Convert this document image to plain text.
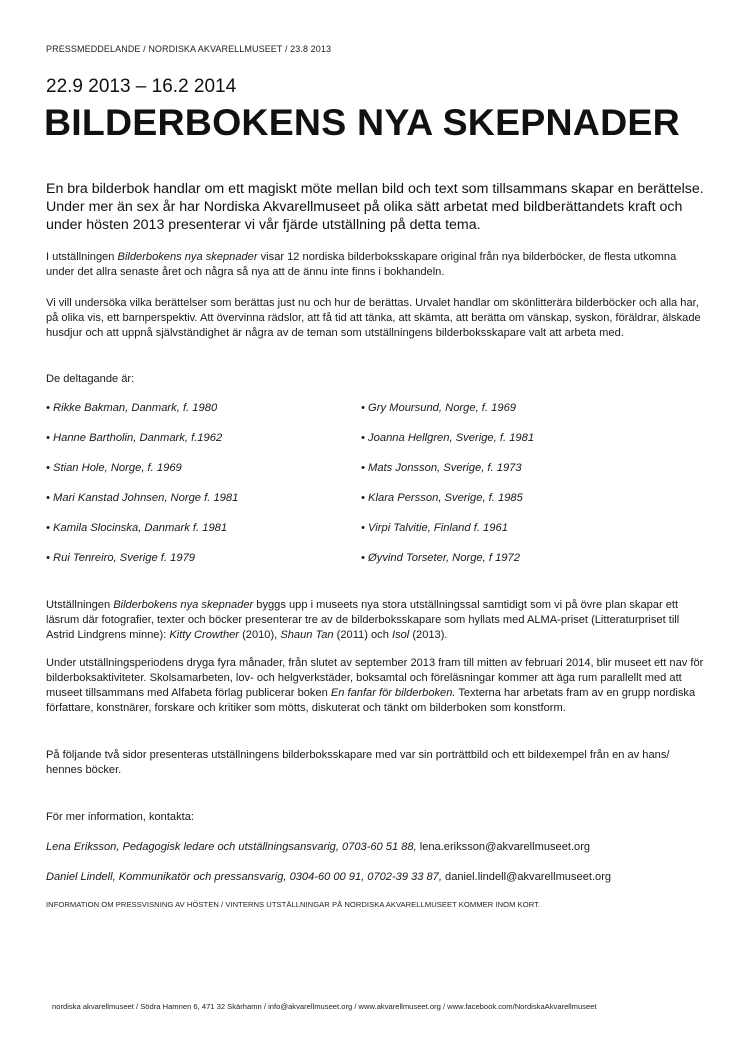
PRESSMEDDELANDE / NORDISKA AKVARELLMUSEET / 23.8 2013
22.9 2013 – 16.2 2014
BILDERBOKENS NYA SKEPNADER
En bra bilderbok handlar om ett magiskt möte mellan bild och text som tillsammans skapar en berättelse. Under mer än sex år har Nordiska Akvarellmuseet på olika sätt arbetat med bildberättandets kraft och under hösten 2013 presenterar vi vår fjärde utställning på detta tema.
I utställningen Bilderbokens nya skepnader visar 12 nordiska bilderboksskapare original från nya bilderböcker, de flesta utkomna under det allra senaste året och några så nya att de ännu inte finns i bokhandeln.
Vi vill undersöka vilka berättelser som berättas just nu och hur de berättas. Urvalet handlar om skönlitterära bilderböcker och alla har, på olika vis, ett barnperspektiv. Att övervinna rädslor, att få tid att tänka, att skämta, att berätta om vänskap, syskon, föräldrar, älskade husdjur och att uppnå självständighet är några av de teman som utställningens bilderboksskapare valt att arbeta med.
De deltagande är:
• Rikke Bakman, Danmark, f. 1980
• Hanne Bartholin, Danmark, f.1962
• Stian Hole, Norge, f. 1969
• Mari Kanstad Johnsen, Norge f. 1981
• Kamila Slocinska, Danmark f. 1981
• Rui Tenreiro, Sverige f. 1979
• Gry Moursund, Norge, f. 1969
• Joanna Hellgren, Sverige, f. 1981
• Mats Jonsson, Sverige, f. 1973
• Klara Persson, Sverige, f. 1985
• Virpi Talvitie, Finland f. 1961
• Øyvind Torseter, Norge, f 1972
Utställningen Bilderbokens nya skepnader byggs upp i museets nya stora utställningssal samtidigt som vi på övre plan skapar ett läsrum där fotografier, texter och böcker presenterar tre av de bilderboksskapare som hyllats med ALMA-priset (Litteraturpriset till Astrid Lindgrens minne): Kitty Crowther (2010), Shaun Tan (2011) och Isol (2013).
Under utställningsperiodens dryga fyra månader, från slutet av september 2013 fram till mitten av februari 2014, blir museet ett nav för bilderboksaktiviteter. Skolsamarbeten, lov- och helgverkstäder, boksamtal och föreläsningar kommer att äga rum parallellt med att museet tillsammans med Alfabeta förlag publicerar boken En fanfar för bilderboken. Texterna har arbetats fram av en grupp nordiska författare, konstnärer, forskare och kritiker som mötts, diskuterat och tänkt om bilderboken som konstform.
På följande två sidor presenteras utställningens bilderboksskapare med var sin porträttbild och ett bildexempel från en av hans/ hennes böcker.
För mer information, kontakta:
Lena Eriksson, Pedagogisk ledare och utställningsansvarig, 0703-60 51 88, lena.eriksson@akvarellmuseet.org
Daniel Lindell, Kommunikatör och pressansvarig, 0304-60 00 91, 0702-39 33 87, daniel.lindell@akvarellmuseet.org
INFORMATION OM PRESSVISNING AV HÖSTEN / VINTERNS UTSTÄLLNINGAR PÅ NORDISKA AKVARELLMUSEET KOMMER INOM KORT.
nordiska akvarellmuseet / Södra Hamnen 6, 471 32 Skärhamn / info@akvarellmuseet.org / www.akvarellmuseet.org / www.facebook.com/NordiskaAkvarellmuseet
